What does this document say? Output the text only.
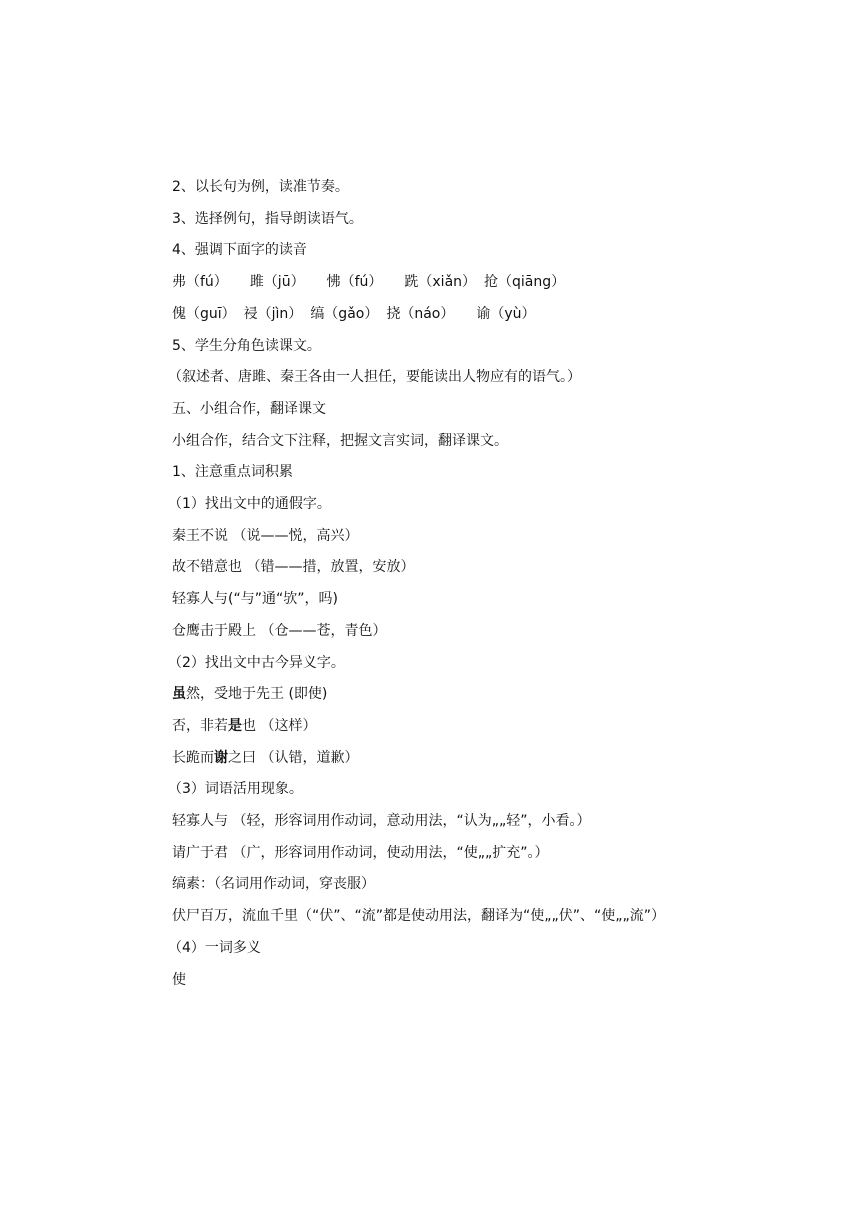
2、以长句为例，读准节奏。

3、选择例句，指导朗读语气。

4、强调下面字的读音

弗（fú） 雎（jū） 怫（fú） 跣（xiǎn） 抢（qiāng）

傀（guī） 祲（jìn） 缟（gǎo） 挠（náo） 谕（yù）

5、学生分角色读课文。

（叙述者、唐雎、秦王各由一人担任，要能读出人物应有的语气。）

五、小组合作，翻译课文

小组合作，结合文下注释，把握文言实词，翻译课文。

1、注意重点词积累

（1）找出文中的通假字。

秦王不说 （说——悦，高兴）

故不错意也 （错——措，放置，安放）

轻寡人与(“与”通“欤”，吗)

仓鹰击于殿上 （仓——苍，青色）

（2）找出文中古今异义字。

虽然，受地于先王 (即使)

否，非若是也 （这样）

长跪而谢之曰 （认错，道歉）

（3）词语活用现象。

轻寡人与 （轻，形容词用作动词，意动用法，“认为„„轻”，小看。）

请广于君 （广，形容词用作动词，使动用法，“使„„扩充”。）

缟素：（名词用作动词，穿丧服）

伏尸百万，流血千里（“伏”、“流”都是使动用法，翻译为“使„„伏”、“使„„流”）

（4）一词多义

使
